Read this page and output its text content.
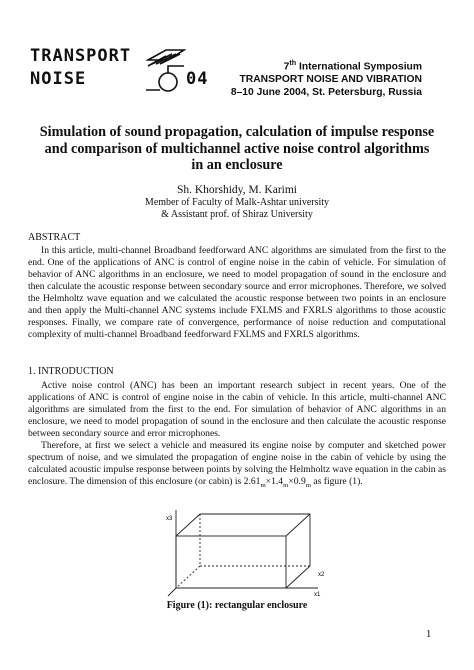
TRANSPORT
NOISE	04
7th International Symposium
TRANSPORT NOISE AND VIBRATION
8–10 June 2004, St. Petersburg, Russia
Simulation of sound propagation, calculation of impulse response
and comparison of multichannel active noise control algorithms
in an enclosure
Sh. Khorshidy, M. Karimi
Member of Faculty of Malk-Ashtar university
& Assistant prof. of Shiraz University
ABSTRACT

In this article, multi-channel Broadband feedforward ANC algorithms are simulated from the first to the end. One of the applications of ANC is control of engine noise in the cabin of vehicle. For simulation of behavior of ANC algorithms in an enclosure, we need to model propagation of sound in the enclosure and then calculate the acoustic response between secondary source and error microphones. Therefore, we solved the Helmholtz wave equation and we calculated the acoustic response between two points in an enclosure and then apply the Multi-channel ANC systems include FXLMS and FXRLS algorithms to those acoustic responses. Finally, we compare rate of convergence, performance of noise reduction and computational complexity of multi-channel Broadband feedforward FXLMS and FXRLS algorithms.

1. INTRODUCTION

Active noise control (ANC) has been an important research subject in recent years. One of the applications of ANC is control of engine noise in the cabin of vehicle. In this article, multi-channel ANC algorithms are simulated from the first to the end. For simulation of behavior of ANC algorithms in an enclosure, we need to model propagation of sound in the enclosure and then calculate the acoustic response between secondary source and error microphones.

Therefore, at first we select a vehicle and measured its engine noise by computer and sketched power spectrum of noise, and we simulated the propagation of engine noise in the cabin of vehicle by using the calculated acoustic impulse response between points by solving the Helmholtz wave equation in the cabin as enclosure. The dimension of this enclosure (or cabin) is $2.61_m\times 1.4_m\times 0.9_m$ as figure (1).

x3
x1
x2
Figure (1): rectangular enclosure
1
